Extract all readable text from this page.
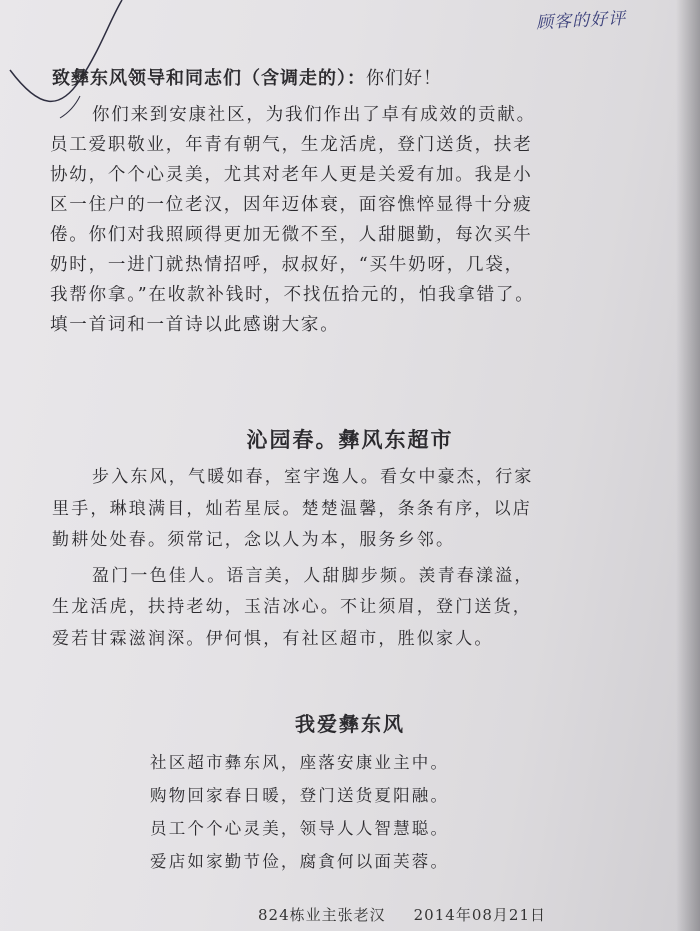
顾客的好评
致彝东风领导和同志们（含调走的）：你们好！
你们来到安康社区，为我们作出了卓有成效的贡献。
员工爱职敬业，年青有朝气，生龙活虎，登门送货，扶老
协幼，个个心灵美，尤其对老年人更是关爱有加。我是小
区一住户的一位老汉，因年迈体衰，面容憔悴显得十分疲
倦。你们对我照顾得更加无微不至，人甜腿勤，每次买牛
奶时，一进门就热情招呼，叔叔好，“买牛奶呀，几袋，
我帮你拿。”在收款补钱时，不找伍拾元的，怕我拿错了。
填一首词和一首诗以此感谢大家。
沁园春。彝风东超市
步入东风，气暖如春，室宇逸人。看女中豪杰，行家
里手，琳琅满目，灿若星辰。楚楚温馨，条条有序，以店
勤耕处处春。须常记，念以人为本，服务乡邻。
盈门一色佳人。语言美，人甜脚步频。羡青春漾溢，
生龙活虎，扶持老幼，玉洁冰心。不让须眉，登门送货，
爱若甘霖滋润深。伊何惧，有社区超市，胜似家人。
我爱彝东风
社区超市彝东风，座落安康业主中。
购物回家春日暖，登门送货夏阳融。
员工个个心灵美，领导人人智慧聪。
爱店如家勤节俭，腐貪何以面芙蓉。
824栋业主张老汉 2014年08月21日
